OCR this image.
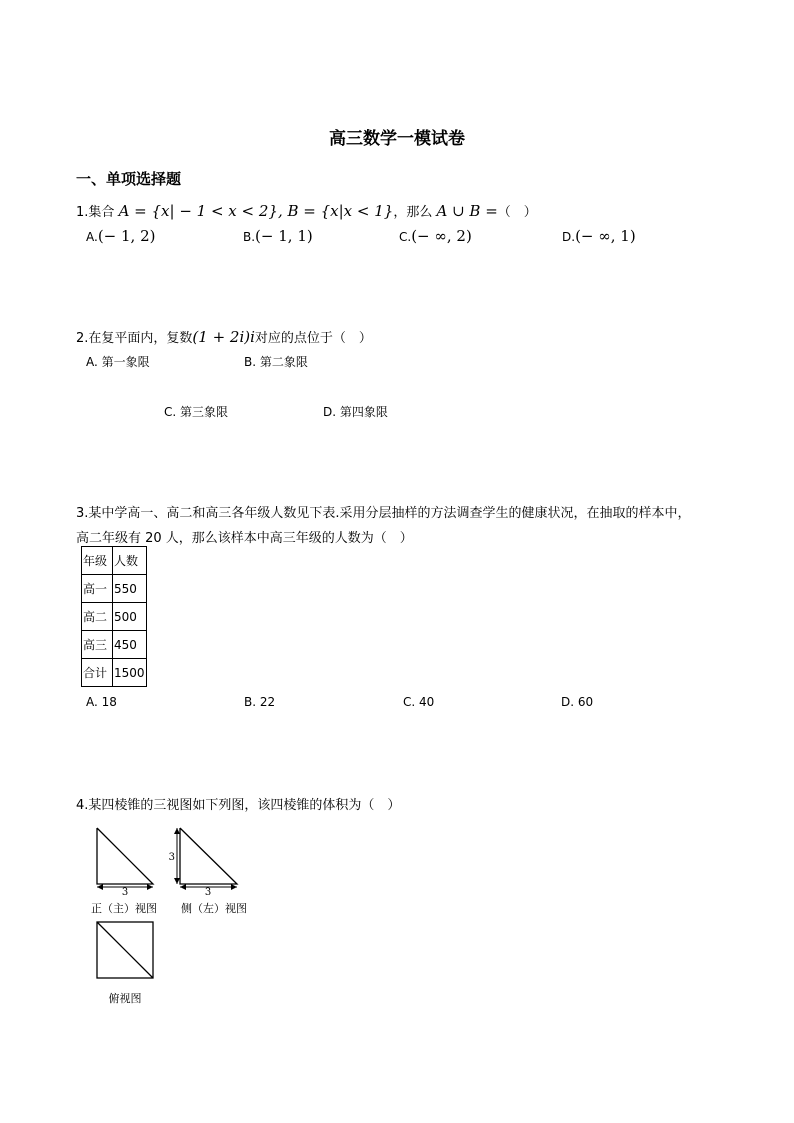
高三数学一模试卷
一、单项选择题
1.集合 A = {x| − 1 < x < 2}, B = {x|x < 1}，那么 A ∪ B =（　）
A.(− 1, 2)	B.(− 1, 1)	C.(− ∞, 2)	D.(− ∞, 1)
2.在复平面内，复数(1 + 2i)i对应的点位于（　）
A. 第一象限	B. 第二象限
C. 第三象限	D. 第四象限
3.某中学高一、高二和高三各年级人数见下表.采用分层抽样的方法调查学生的健康状况，在抽取的样本中，
高二年级有 20 人，那么该样本中高三年级的人数为（　）
年级	人数
高一	550
高二	500
高三	450
合计	1500
A. 18	B. 22	C. 40	D. 60
4.某四棱锥的三视图如下列图，该四棱锥的体积为（　）
3
正（主）视图
3
3
侧（左）视图
俯视图
